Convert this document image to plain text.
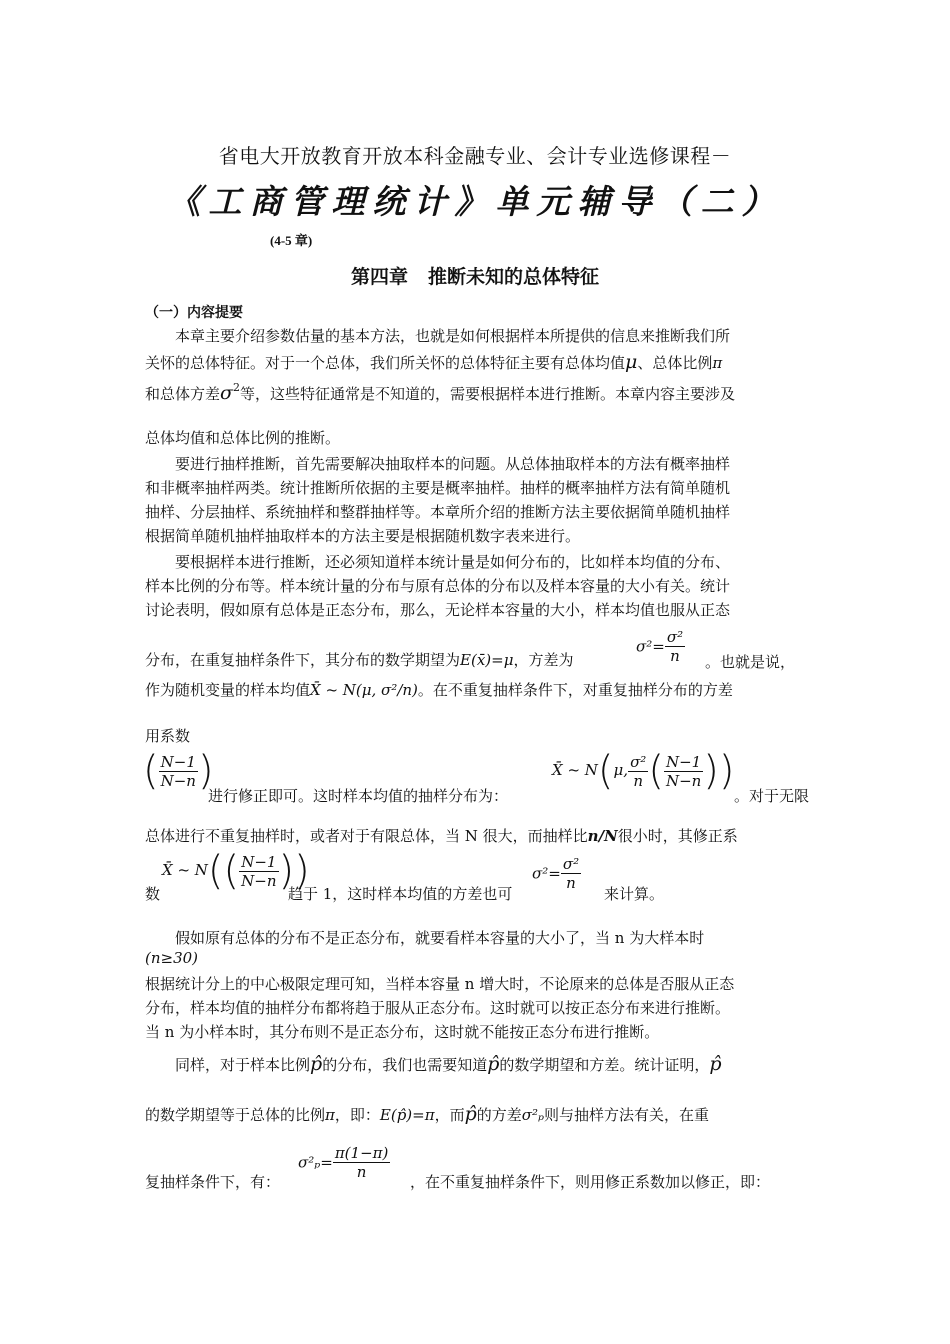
省电大开放教育开放本科金融专业、会计专业选修课程－
《工商管理统计》单元辅导（二）
(4-5 章)
第四章 推断未知的总体特征
（一）内容提要
　　本章主要介绍参数估量的基本方法，也就是如何根据样本所提供的信息来推断我们所
关怀的总体特征。对于一个总体，我们所关怀的总体特征主要有总体均值μ、总体比例π
和总体方差$\sigma^2$等，这些特征通常是不知道的，需要根据样本进行推断。本章内容主要涉及
总体均值和总体比例的推断。
　　要进行抽样推断，首先需要解决抽取样本的问题。从总体抽取样本的方法有概率抽样
和非概率抽样两类。统计推断所依据的主要是概率抽样。抽样的概率抽样方法有简单随机
抽样、分层抽样、系统抽样和整群抽样等。本章所介绍的推断方法主要依据简单随机抽样
根据简单随机抽样抽取样本的方法主要是根据随机数字表来进行。
　　要根据样本进行推断，还必须知道样本统计量是如何分布的，比如样本均值的分布、
样本比例的分布等。样本统计量的分布与原有总体的分布以及样本容量的大小有关。统计
讨论表明，假如原有总体是正态分布，那么，无论样本容量的大小，样本均值也服从正态
分布，在重复抽样条件下，其分布的数学期望为E(x̄)=μ，方差为
$\sigma^2= \frac{\text{σ²}}{n}$ 。也就是说，
作为随机变量的样本均值X̄ ~ N(μ, σ²/n)。在不重复抽样条件下，对重复抽样分布的方差
用系数
( $\frac{N-1}{N-n}$ )
进行修正即可。这时样本均值的抽样分布为：
X̄ ~ N(μ, $\frac{\text{σ²}}{n}$ ( $\frac{N-1}{N-n}$ ))
。对于无限
总体进行不重复抽样时，或者对于有限总体，当 N 很大，而抽样比n/N很小时，其修正系
X̄ ~ $N(( \frac{N-1}{N-n}$ ))
数	趋于 1，这时样本均值的方差也可
$\sigma^2= \frac{\text{σ²}}{n}$
来计算。
　　假如原有总体的分布不是正态分布，就要看样本容量的大小了，当 n 为大样本时
(n≥30)
根据统计分上的中心极限定理可知，当样本容量 n 增大时，不论原来的总体是否服从正态
分布，样本均值的抽样分布都将趋于服从正态分布。这时就可以按正态分布来进行推断。
当 n 为小样本时，其分布则不是正态分布，这时就不能按正态分布进行推断。
　　同样，对于样本比例p̂的分布，我们也需要知道p̂的数学期望和方差。统计证明，p̂
的数学期望等于总体的比例π，即：E(p̂)=π，而p̂的方差σ²ₚ则与抽样方法有关，在重
复抽样条件下，有：
$\sigma^2_p= \frac{\pi(1-\pi)}{n}$
，在不重复抽样条件下，则用修正系数加以修正，即：
